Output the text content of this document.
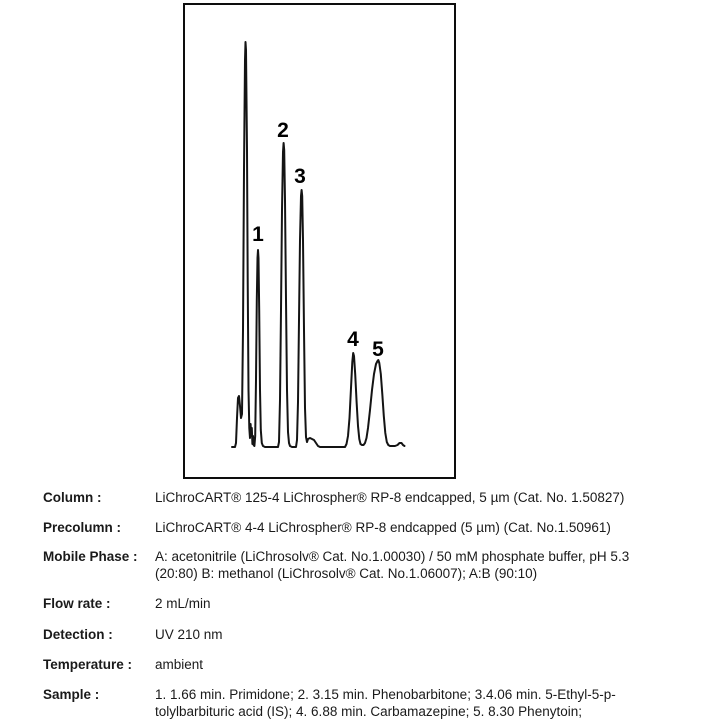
1
2
3
4 5
Column :	LiChroCART® 125-4 LiChrospher® RP-8 endcapped, 5 µm (Cat. No. 1.50827)
Precolumn :	LiChroCART® 4-4 LiChrospher® RP-8 endcapped (5 µm) (Cat. No.1.50961)
Mobile Phase :	A: acetonitrile (LiChrosolv® Cat. No.1.00030) / 50 mM phosphate buffer, pH 5.3
(20:80) B: methanol (LiChrosolv® Cat. No.1.06007); A:B (90:10)
Flow rate :	2 mL/min
Detection :	UV 210 nm
Temperature :	ambient
Sample :	1. 1.66 min. Primidone; 2. 3.15 min. Phenobarbitone; 3.4.06 min. 5-Ethyl-5-p-
tolylbarbituric acid (IS); 4. 6.88 min. Carbamazepine; 5. 8.30 Phenytoin;
